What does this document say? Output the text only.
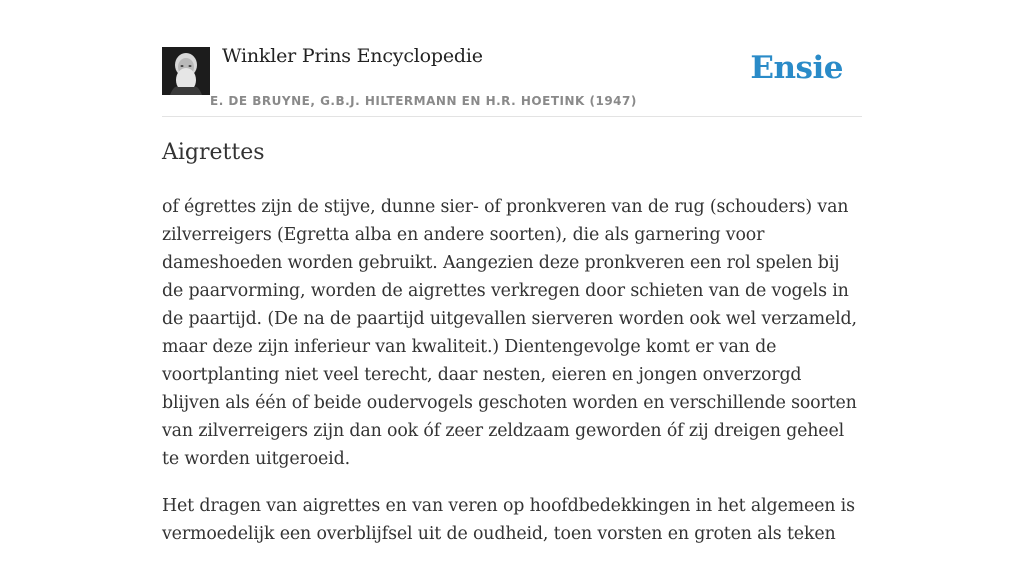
Winkler Prins Encyclopedie
E. DE BRUYNE, G.B.J. HILTERMANN EN H.R. HOETINK (1947)
Ensie
Aigrettes

of égrettes zijn de stijve, dunne sier- of pronkveren van de rug (schouders) van zilverreigers (Egretta alba en andere soorten), die als garnering voor dameshoeden worden gebruikt. Aangezien deze pronkveren een rol spelen bij de paarvorming, worden de aigrettes verkregen door schieten van de vogels in de paartijd. (De na de paartijd uitgevallen sierveren worden ook wel verzameld, maar deze zijn inferieur van kwaliteit.) Dientengevolge komt er van de voortplanting niet veel terecht, daar nesten, eieren en jongen onverzorgd blijven als één of beide oudervogels geschoten worden en verschillende soorten van zilverreigers zijn dan ook óf zeer zeldzaam geworden óf zij dreigen geheel te worden uitgeroeid.

Het dragen van aigrettes en van veren op hoofdbedekkingen in het algemeen is vermoedelijk een overblijfsel uit de oudheid, toen vorsten en groten als teken
